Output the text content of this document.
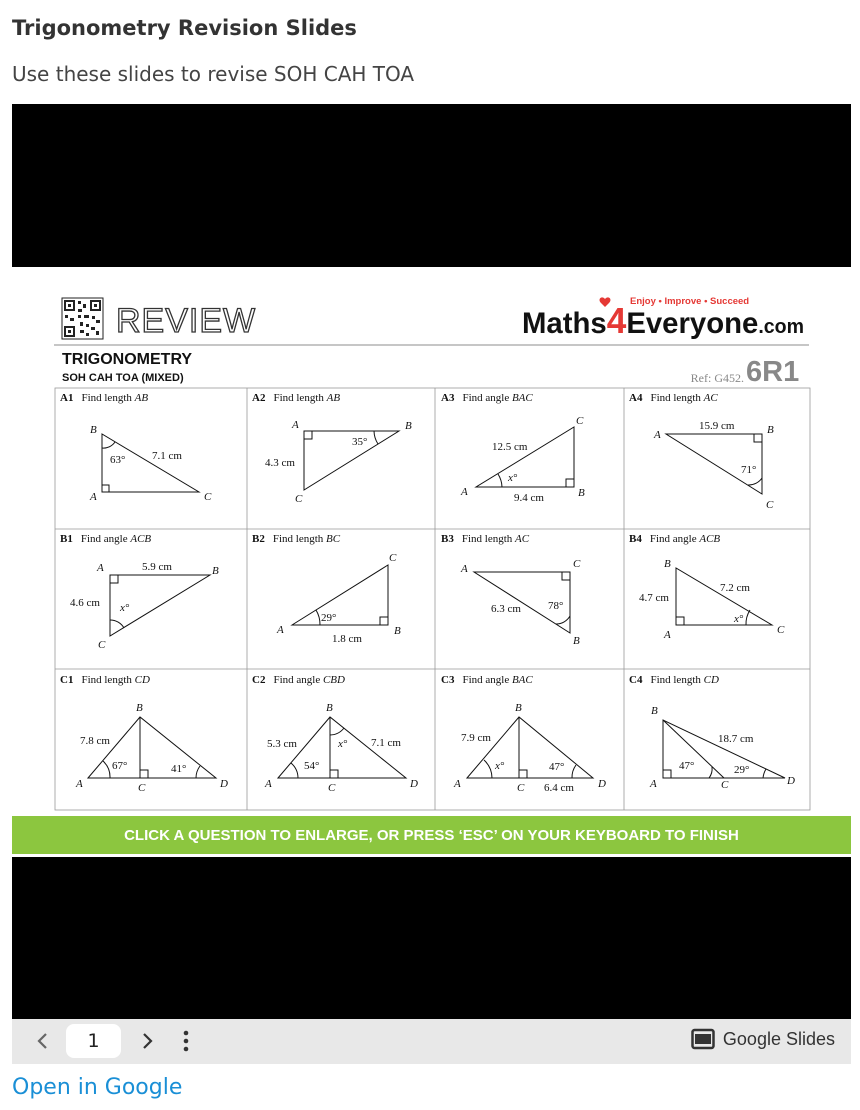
Trigonometry Revision Slides
Use these slides to revise SOH CAH TOA
REVIEW	Maths4Everyone.com
Enjoy • Improve • Succeed
TRIGONOMETRY
SOH CAH TOA (MIXED)	Ref: G452. 6R1
A1 Find length AB	A2 Find length AB	A3 Find angle BAC	A4 Find length AC
B1 Find angle ACB	B2 Find length BC	B3 Find length AC	B4 Find angle ACB
C1 Find length CD	C2 Find angle CBD	C3 Find angle BAC	C4 Find length CD
B
A	C
63° 7.1 cm
A	B
C
35°
4.3 cm
C
A	B
12.5 cm
x°
9.4 cm
A	B
C
15.9 cm
71°
A	B
C
5.9 cm
4.6 cm x°
C
A	B
29°
1.8 cm
A	C
B
6.3 cm 78°
B
A	C
4.7 cm
7.2 cm
x°
B
A	C	D
7.8 cm
67°	41°
B
A	C	D
5.3 cm	7.1 cm
54°
x°
B
A	C	D
7.9 cm
x°	47°
6.4 cm
B
A	C	D
18.7 cm
47°	29°
CLICK A QUESTION TO ENLARGE, OR PRESS ‘ESC’ ON YOUR KEYBOARD TO FINISH
1	Google Slides
Open in Google
